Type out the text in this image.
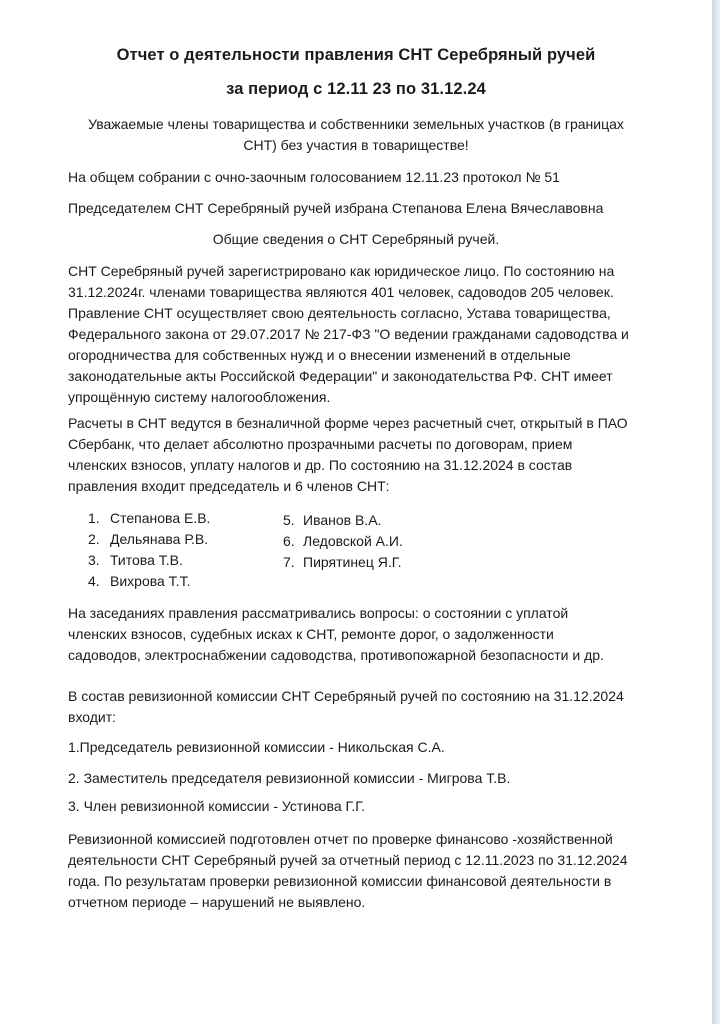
Отчет о деятельности правления СНТ Серебряный ручей
за период с 12.11 23 по 31.12.24
Уважаемые члены товарищества и собственники земельных участков (в границах
СНТ) без участия в товариществе!
На общем собрании с очно-заочным голосованием 12.11.23 протокол № 51
Председателем СНТ Серебряный ручей избрана Степанова Елена Вячеславовна
Общие сведения о СНТ Серебряный ручей.

СНТ Серебряный ручей зарегистрировано как юридическое лицо. По состоянию на

31.12.2024г. членами товарищества являются 401 человек, садоводов 205 человек.

Правление СНТ осуществляет свою деятельность согласно, Устава товарищества,

Федерального закона от 29.07.2017 № 217-ФЗ "О ведении гражданами садоводства и

огородничества для собственных нужд и о внесении изменений в отдельные

законодательные акты Российской Федерации" и законодательства РФ. СНТ имеет

упрощённую систему налогообложения.

Расчеты в СНТ ведутся в безналичной форме через расчетный счет, открытый в ПАО

Сбербанк, что делает абсолютно прозрачными расчеты по договорам, прием

членских взносов, уплату налогов и др. По состоянию на 31.12.2024 в состав

правления входит председатель и 6 членов СНТ:

1. Степанова Е.В.
2. Дельянава Р.В.
3. Титова Т.В.
4. Вихрова Т.Т.
5. Иванов В.А.
6. Ледовской А.И.
7. Пирятинец Я.Г.

На заседаниях правления рассматривались вопросы: о состоянии с уплатой

членских взносов, судебных исках к СНТ, ремонте дорог, о задолженности

садоводов, электроснабжении садоводства, противопожарной безопасности и др.

В состав ревизионной комиссии СНТ Серебряный ручей по состоянию на 31.12.2024

входит:

1.Председатель ревизионной комиссии - Никольская С.А.
2. Заместитель председателя ревизионной комиссии - Мигрова Т.В.
3. Член ревизионной комиссии - Устинова Г.Г.

Ревизионной комиссией подготовлен отчет по проверке финансово -хозяйственной

деятельности СНТ Серебряный ручей за отчетный период с 12.11.2023 по 31.12.2024

года. По результатам проверки ревизионной комиссии финансовой деятельности в

отчетном периоде – нарушений не выявлено.
